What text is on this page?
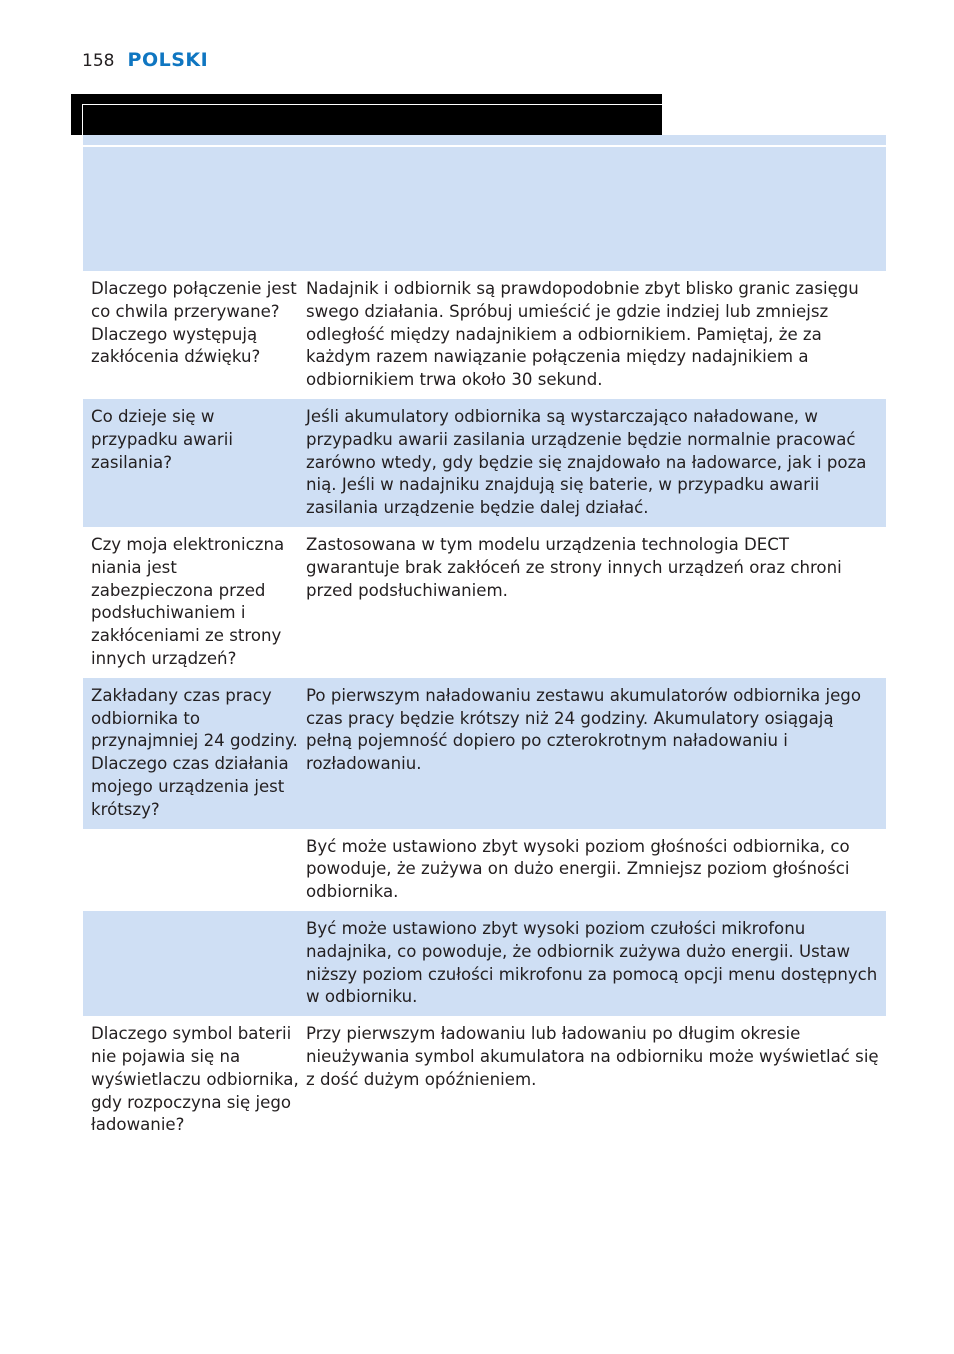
158 POLSKI
Dlaczego połączenie jest co chwila przerywane? Dlaczego występują zakłócenia dźwięku?
Nadajnik i odbiornik są prawdopodobnie zbyt blisko granic zasięgu swego działania. Spróbuj umieścić je gdzie indziej lub zmniejsz odległość między nadajnikiem a odbiornikiem. Pamiętaj, że za każdym razem nawiązanie połączenia między nadajnikiem a odbiornikiem trwa około 30 sekund.
Co dzieje się w przypadku awarii zasilania?
Jeśli akumulatory odbiornika są wystarczająco naładowane, w przypadku awarii zasilania urządzenie będzie normalnie pracować zarówno wtedy, gdy będzie się znajdowało na ładowarce, jak i poza nią. Jeśli w nadajniku znajdują się baterie, w przypadku awarii zasilania urządzenie będzie dalej działać.
Czy moja elektroniczna niania jest zabezpieczona przed podsłuchiwaniem i zakłóceniami ze strony innych urządzeń?
Zastosowana w tym modelu urządzenia technologia DECT gwarantuje brak zakłóceń ze strony innych urządzeń oraz chroni przed podsłuchiwaniem.
Zakładany czas pracy odbiornika to przynajmniej 24 godziny. Dlaczego czas działania mojego urządzenia jest krótszy?
Po pierwszym naładowaniu zestawu akumulatorów odbiornika jego czas pracy będzie krótszy niż 24 godziny. Akumulatory osiągają pełną pojemność dopiero po czterokrotnym naładowaniu i rozładowaniu.
Być może ustawiono zbyt wysoki poziom głośności odbiornika, co powoduje, że zużywa on dużo energii. Zmniejsz poziom głośności odbiornika.
Być może ustawiono zbyt wysoki poziom czułości mikrofonu nadajnika, co powoduje, że odbiornik zużywa dużo energii. Ustaw niższy poziom czułości mikrofonu za pomocą opcji menu dostępnych w odbiorniku.
Dlaczego symbol baterii nie pojawia się na wyświetlaczu odbiornika, gdy rozpoczyna się jego ładowanie?
Przy pierwszym ładowaniu lub ładowaniu po długim okresie nieużywania symbol akumulatora na odbiorniku może wyświetlać się z dość dużym opóźnieniem.
